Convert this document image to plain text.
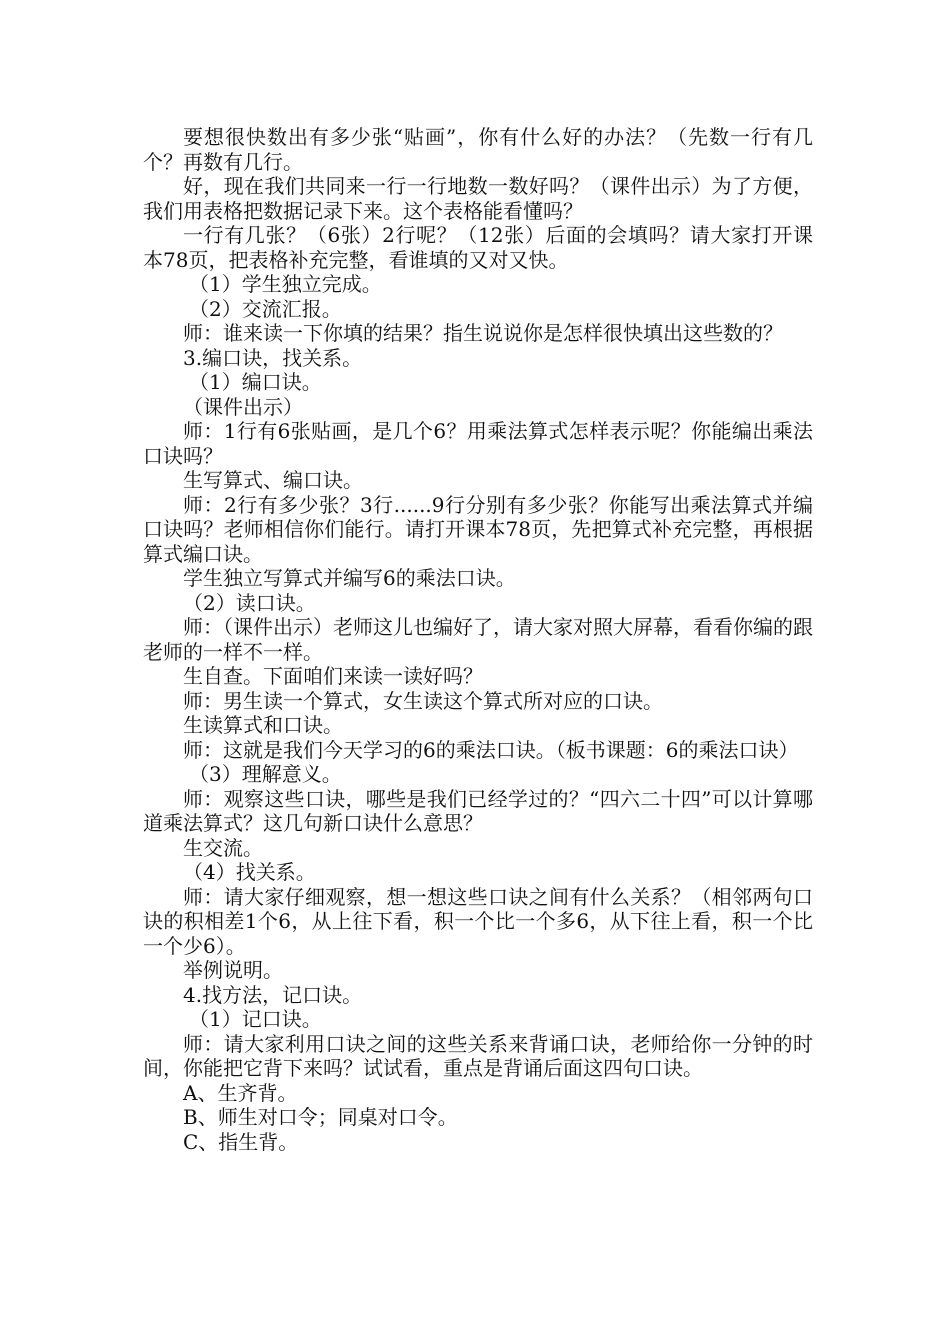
要想很快数出有多少张“贴画”，你有什么好的办法？（先数一行有几个？再数有几行。

好，现在我们共同来一行一行地数一数好吗？（课件出示）为了方便，我们用表格把数据记录下来。这个表格能看懂吗？

一行有几张？（6张）2行呢？（12张）后面的会填吗？请大家打开课本78页，把表格补充完整，看谁填的又对又快。

（1）学生独立完成。

（2）交流汇报。

师：谁来读一下你填的结果？指生说说你是怎样很快填出这些数的？

3.编口诀，找关系。

（1）编口诀。

（课件出示）

师：1行有6张贴画，是几个6？用乘法算式怎样表示呢？你能编出乘法口诀吗？

生写算式、编口诀。

师：2行有多少张？3行......9行分别有多少张？你能写出乘法算式并编口诀吗？老师相信你们能行。请打开课本78页，先把算式补充完整，再根据算式编口诀。

学生独立写算式并编写6的乘法口诀。

（2）读口诀。

师：（课件出示）老师这儿也编好了，请大家对照大屏幕，看看你编的跟老师的一样不一样。

生自查。下面咱们来读一读好吗？

师：男生读一个算式，女生读这个算式所对应的口诀。

生读算式和口诀。

师：这就是我们今天学习的6的乘法口诀。（板书课题：6的乘法口诀）

（3）理解意义。

师：观察这些口诀，哪些是我们已经学过的？“四六二十四”可以计算哪道乘法算式？这几句新口诀什么意思？

生交流。

（4）找关系。

师：请大家仔细观察，想一想这些口诀之间有什么关系？（相邻两句口诀的积相差1个6，从上往下看，积一个比一个多6，从下往上看，积一个比一个少6）。

举例说明。

4.找方法，记口诀。

（1）记口诀。

师：请大家利用口诀之间的这些关系来背诵口诀，老师给你一分钟的时间，你能把它背下来吗？试试看，重点是背诵后面这四句口诀。

A、生齐背。

B、师生对口令；同桌对口令。

C、指生背。
